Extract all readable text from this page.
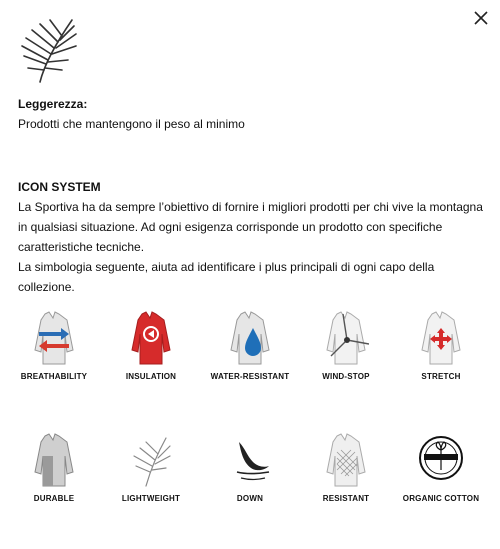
Leggerezza:

Prodotti che mantengono il peso al minimo

ICON SYSTEM

La Sportiva ha da sempre l’obiettivo di fornire i migliori prodotti per chi vive la montagna in qualsiasi situazione. Ad ogni esigenza corrisponde un prodotto con specifiche caratteristiche tecniche.

La simbologia seguente, aiuta ad identificare i plus principali di ogni capo della collezione.

BREATHABILITY	INSULATION	WATER-RESISTANT	WIND-STOP	STRETCH
DURABLE	LIGHTWEIGHT	DOWN	RESISTANT	ORGANIC COTTON
